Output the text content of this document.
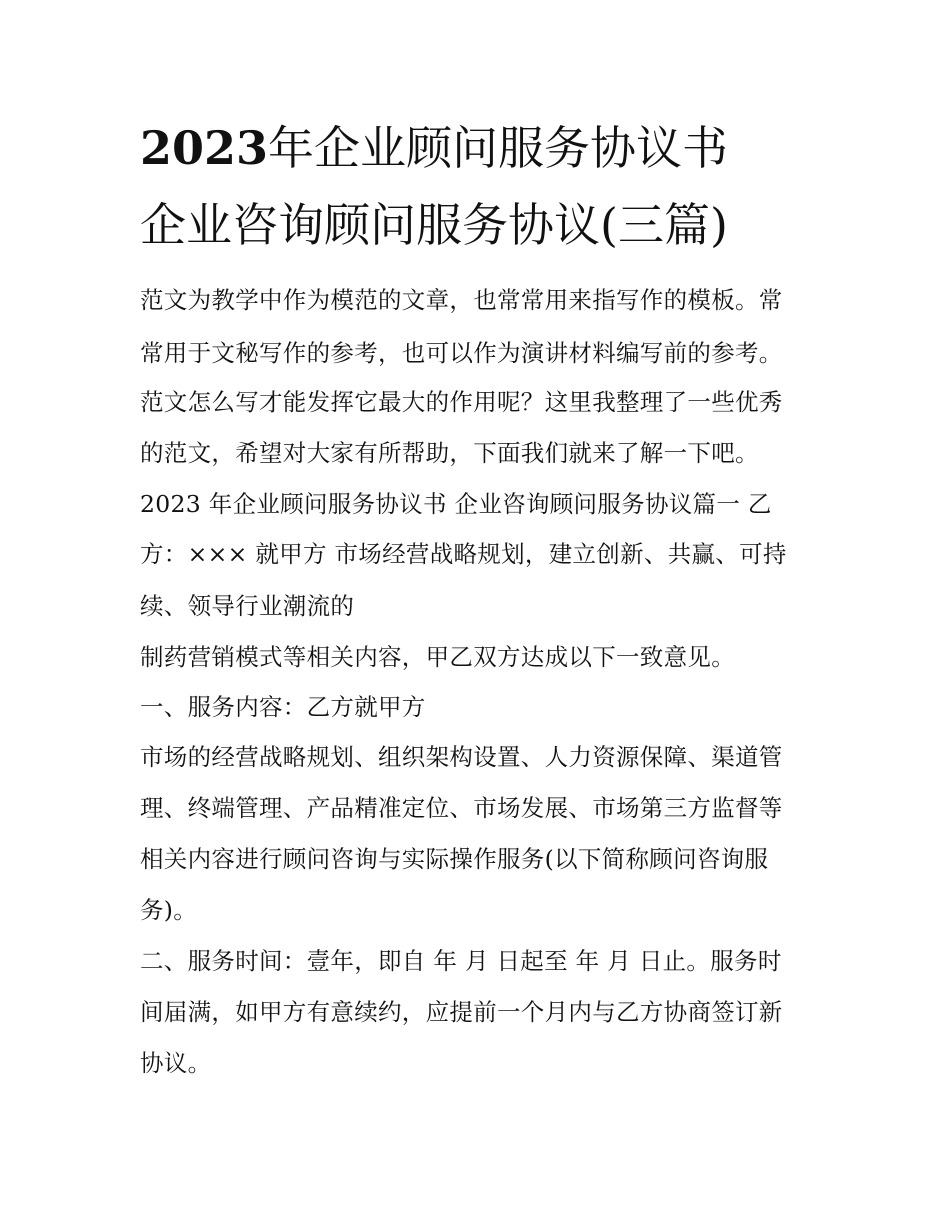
2023年企业顾问服务协议书
企业咨询顾问服务协议(三篇)
范文为教学中作为模范的文章，也常常用来指写作的模板。常
常用于文秘写作的参考，也可以作为演讲材料编写前的参考。
范文怎么写才能发挥它最大的作用呢？这里我整理了一些优秀
的范文，希望对大家有所帮助，下面我们就来了解一下吧。
2023 年企业顾问服务协议书 企业咨询顾问服务协议篇一 乙
方：××× 就甲方 市场经营战略规划，建立创新、共赢、可持
续、领导行业潮流的
制药营销模式等相关内容，甲乙双方达成以下一致意见。
一、服务内容：乙方就甲方
市场的经营战略规划、组织架构设置、人力资源保障、渠道管
理、终端管理、产品精准定位、市场发展、市场第三方监督等
相关内容进行顾问咨询与实际操作服务(以下简称顾问咨询服
务)。
二、服务时间：壹年，即自 年 月 日起至 年 月 日止。服务时
间届满，如甲方有意续约，应提前一个月内与乙方协商签订新
协议。
